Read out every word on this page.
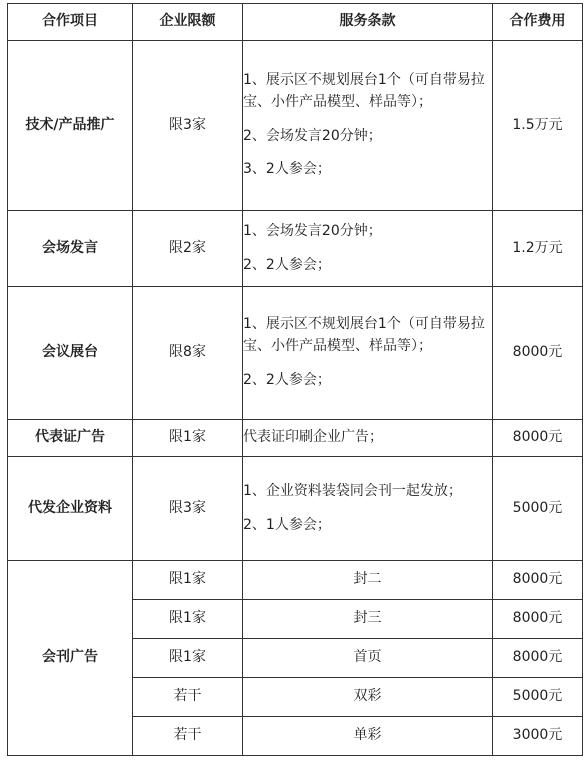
合作项目	企业限额	服务条款	合作费用
技术/产品推广	限3家	1、展示区不规划展台1个（可自带易拉宝、小件产品模型、样品等）；
2、会场发言20分钟；
3、2人参会；	1.5万元
会场发言	限2家	1、会场发言20分钟；
2、2人参会；	1.2万元
会议展台	限8家	1、展示区不规划展台1个（可自带易拉宝、小件产品模型、样品等）；
2、2人参会；	8000元
代表证广告	限1家	代表证印刷企业广告；	8000元
代发企业资料	限3家	1、企业资料装袋同会刊一起发放；
2、1人参会；	5000元
会刊广告	限1家	封二	8000元
	限1家	封三	8000元
	限1家	首页	8000元
	若干	双彩	5000元
	若干	单彩	3000元
